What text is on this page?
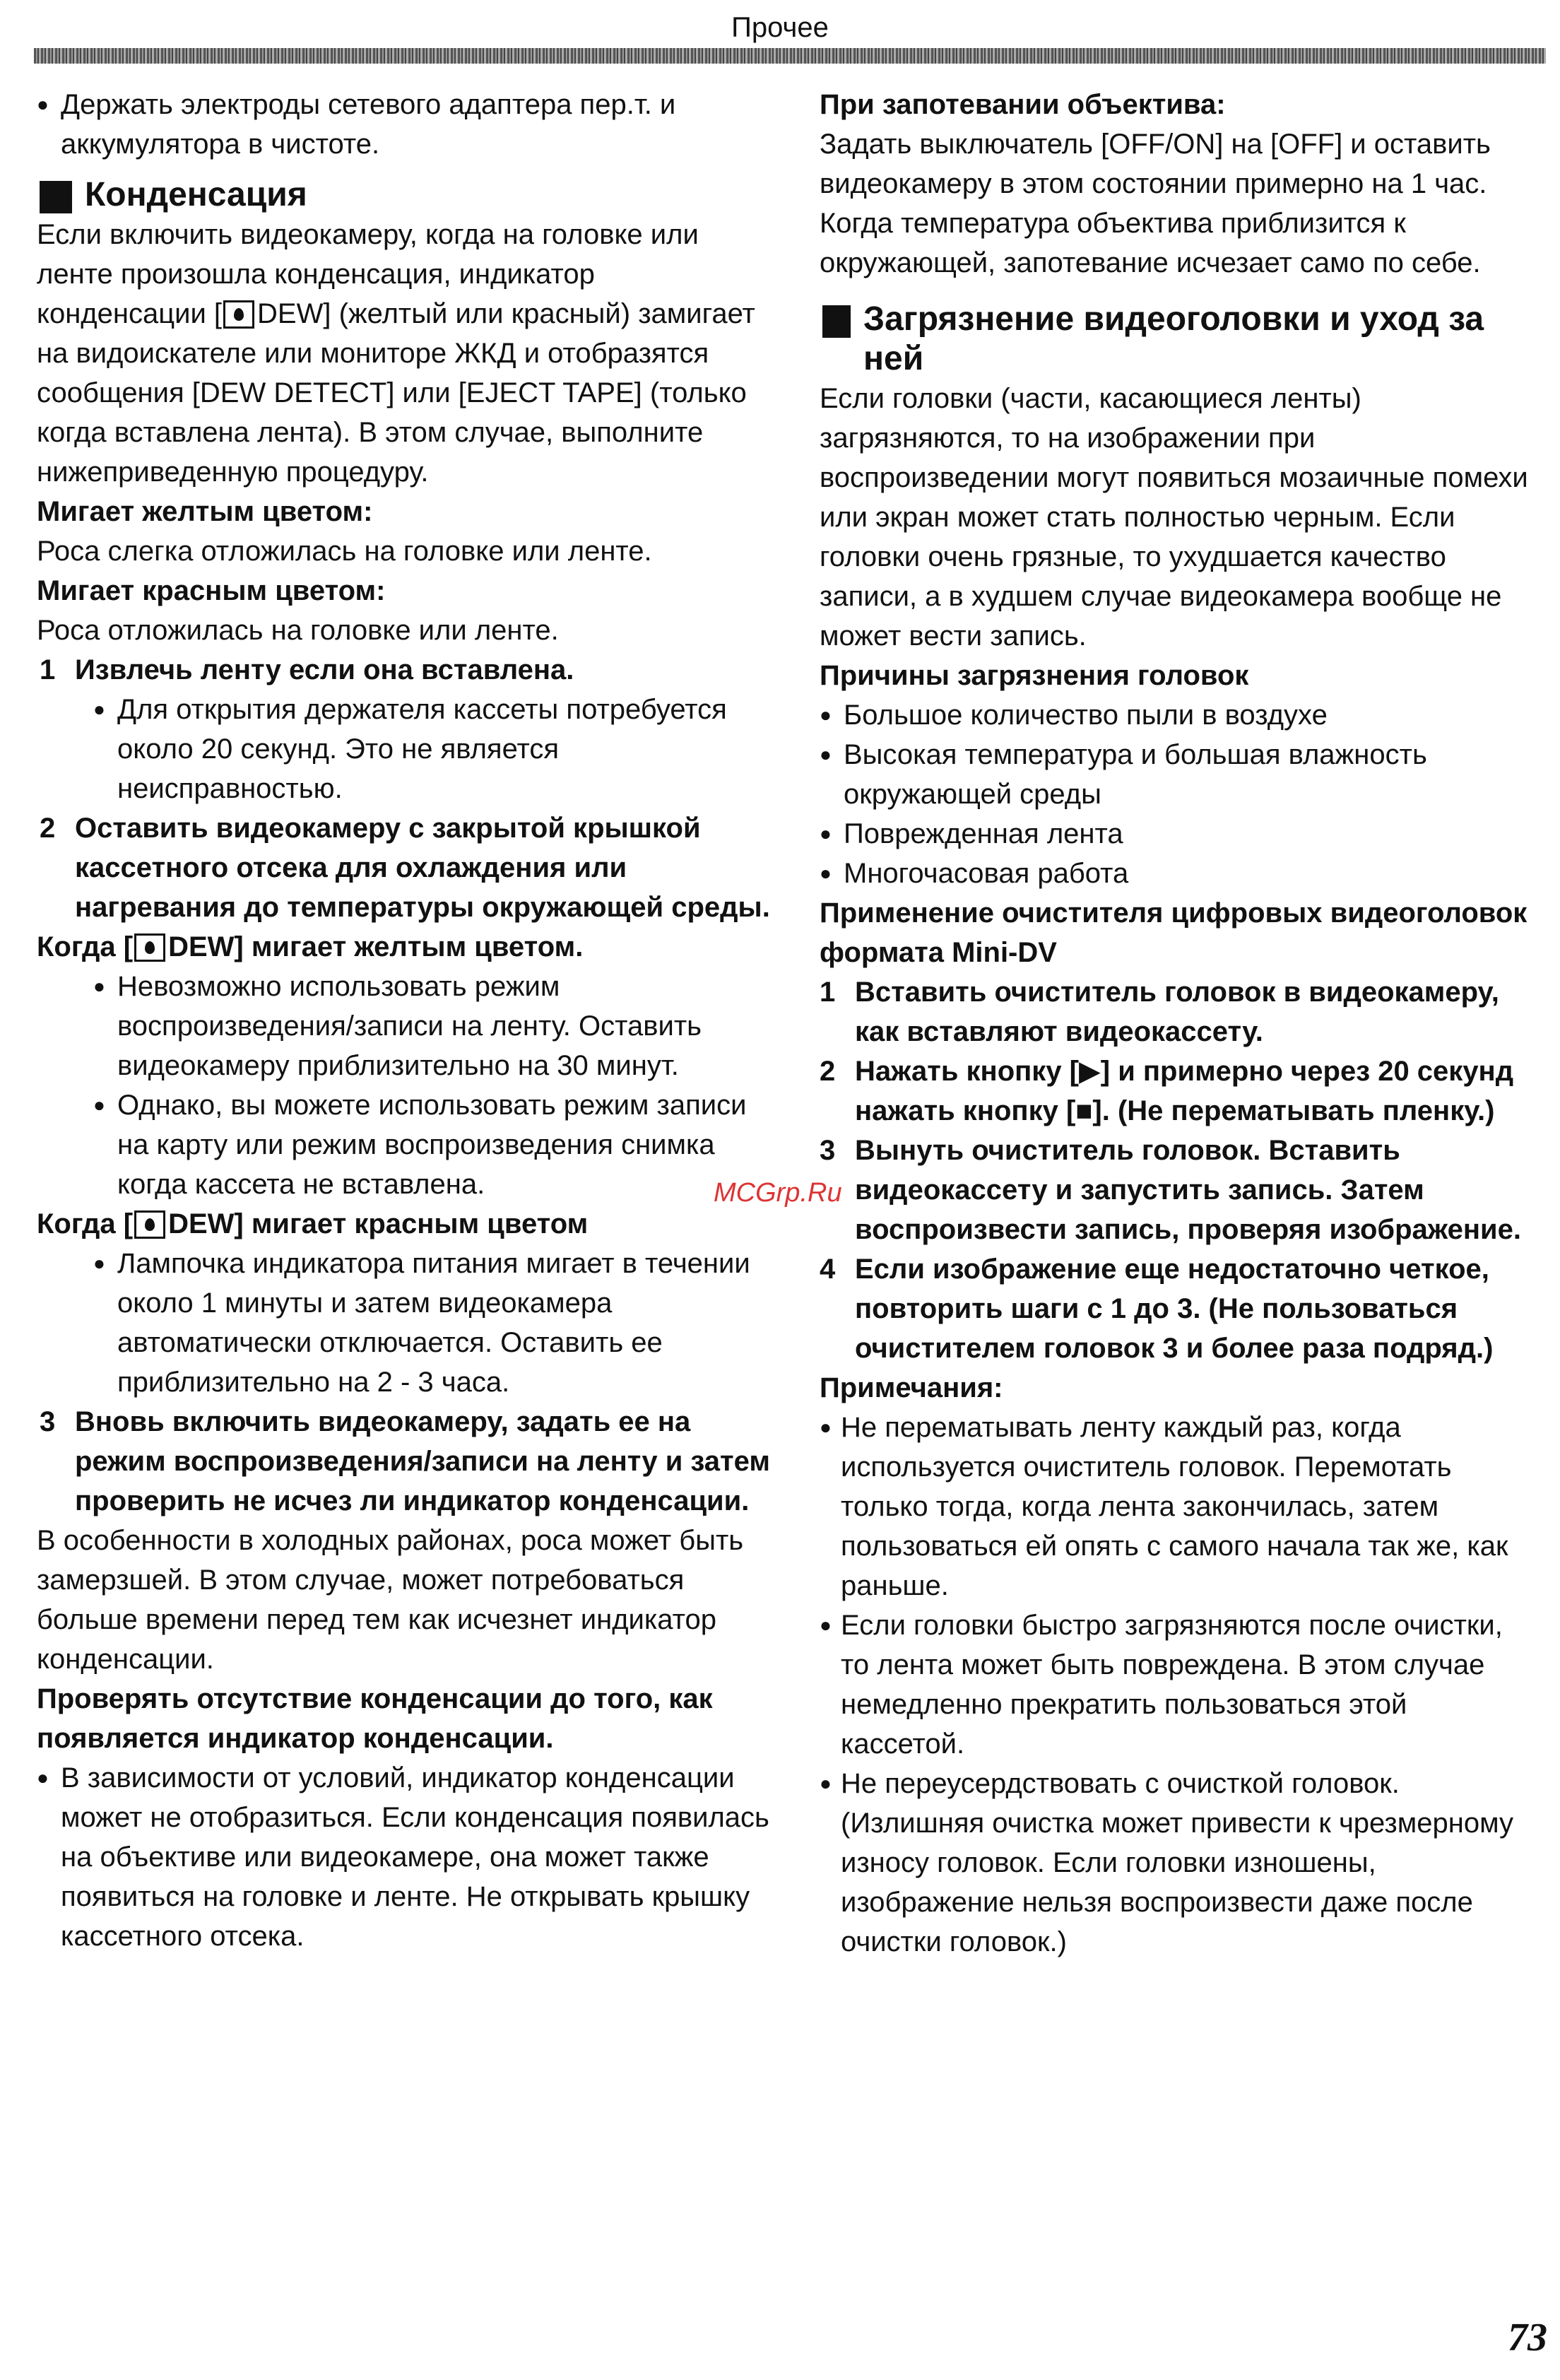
Прочее

● Держать электроды сетевого адаптера пер.т. и аккумулятора в чистоте.

Конденсация

Если включить видеокамеру, когда на головке или ленте произошла конденсация, индикатор конденсации [ DEW] (желтый или красный) замигает на видоискателе или мониторе ЖКД и отобразятся сообщения [DEW DETECT] или [EJECT TAPE] (только когда вставлена лента). В этом случае, выполните нижеприведенную процедуру.

Мигает желтым цветом:

Роса слегка отложилась на головке или ленте.

Мигает красным цветом:

Роса отложилась на головке или ленте.

1 Извлечь ленту если она вставлена.

● Для открытия держателя кассеты потребуется около 20 секунд. Это не является неисправностью.

2 Оставить видеокамеру с закрытой крышкой кассетного отсека для охлаждения или нагревания до температуры окружающей среды.

Когда [ DEW] мигает желтым цветом.

● Невозможно использовать режим воспроизведения/записи на ленту. Оставить видеокамеру приблизительно на 30 минут.

● Однако, вы можете использовать режим записи на карту или режим воспроизведения снимка когда кассета не вставлена.

Когда [ DEW] мигает красным цветом

● Лампочка индикатора питания мигает в течении около 1 минуты и затем видеокамера автоматически отключается. Оставить ее приблизительно на 2 - 3 часа.

3 Вновь включить видеокамеру, задать ее на режим воспроизведения/записи на ленту и затем проверить не исчез ли индикатор конденсации.

В особенности в холодных районах, роса может быть замерзшей. В этом случае, может потребоваться больше времени перед тем как исчезнет индикатор конденсации.

Проверять отсутствие конденсации до того, как появляется индикатор конденсации.

● В зависимости от условий, индикатор конденсации может не отобразиться. Если конденсация появилась на объективе или видеокамере, она может также появиться на головке и ленте. Не открывать крышку кассетного отсека.

При запотевании объектива:

Задать выключатель [OFF/ON] на [OFF] и оставить видеокамеру в этом состоянии примерно на 1 час. Когда температура объектива приблизится к окружающей, запотевание исчезает само по себе.

Загрязнение видеоголовки и уход за ней

Если головки (части, касающиеся ленты) загрязняются, то на изображении при воспроизведении могут появиться мозаичные помехи или экран может стать полностью черным. Если головки очень грязные, то ухудшается качество записи, а в худшем случае видеокамера вообще не может вести запись.

Причины загрязнения головок

● Большое количество пыли в воздухе

● Высокая температура и большая влажность окружающей среды

● Поврежденная лента

● Многочасовая работа

Применение очистителя цифровых видеоголовок формата Mini-DV

1 Вставить очиститель головок в видеокамеру, как вставляют видеокассету.

2 Нажать кнопку [▶] и примерно через 20 секунд нажать кнопку [■]. (Не перематывать пленку.)

3 Вынуть очиститель головок. Вставить видеокассету и запустить запись. Затем воспроизвести запись, проверяя изображение.

4 Если изображение еще недостаточно четкое, повторить шаги с 1 до 3. (Не пользоваться очистителем головок 3 и более раза подряд.)

Примечания:

● Не перематывать ленту каждый раз, когда используется очиститель головок. Перемотать только тогда, когда лента закончилась, затем пользоваться ей опять с самого начала так же, как раньше.

● Если головки быстро загрязняются после очистки, то лента может быть повреждена. В этом случае немедленно прекратить пользоваться этой кассетой.

● Не переусердствовать с очисткой головок. (Излишняя очистка может привести к чрезмерному износу головок. Если головки изношены, изображение нельзя воспроизвести даже после очистки головок.)

MCGrp.Ru
73
